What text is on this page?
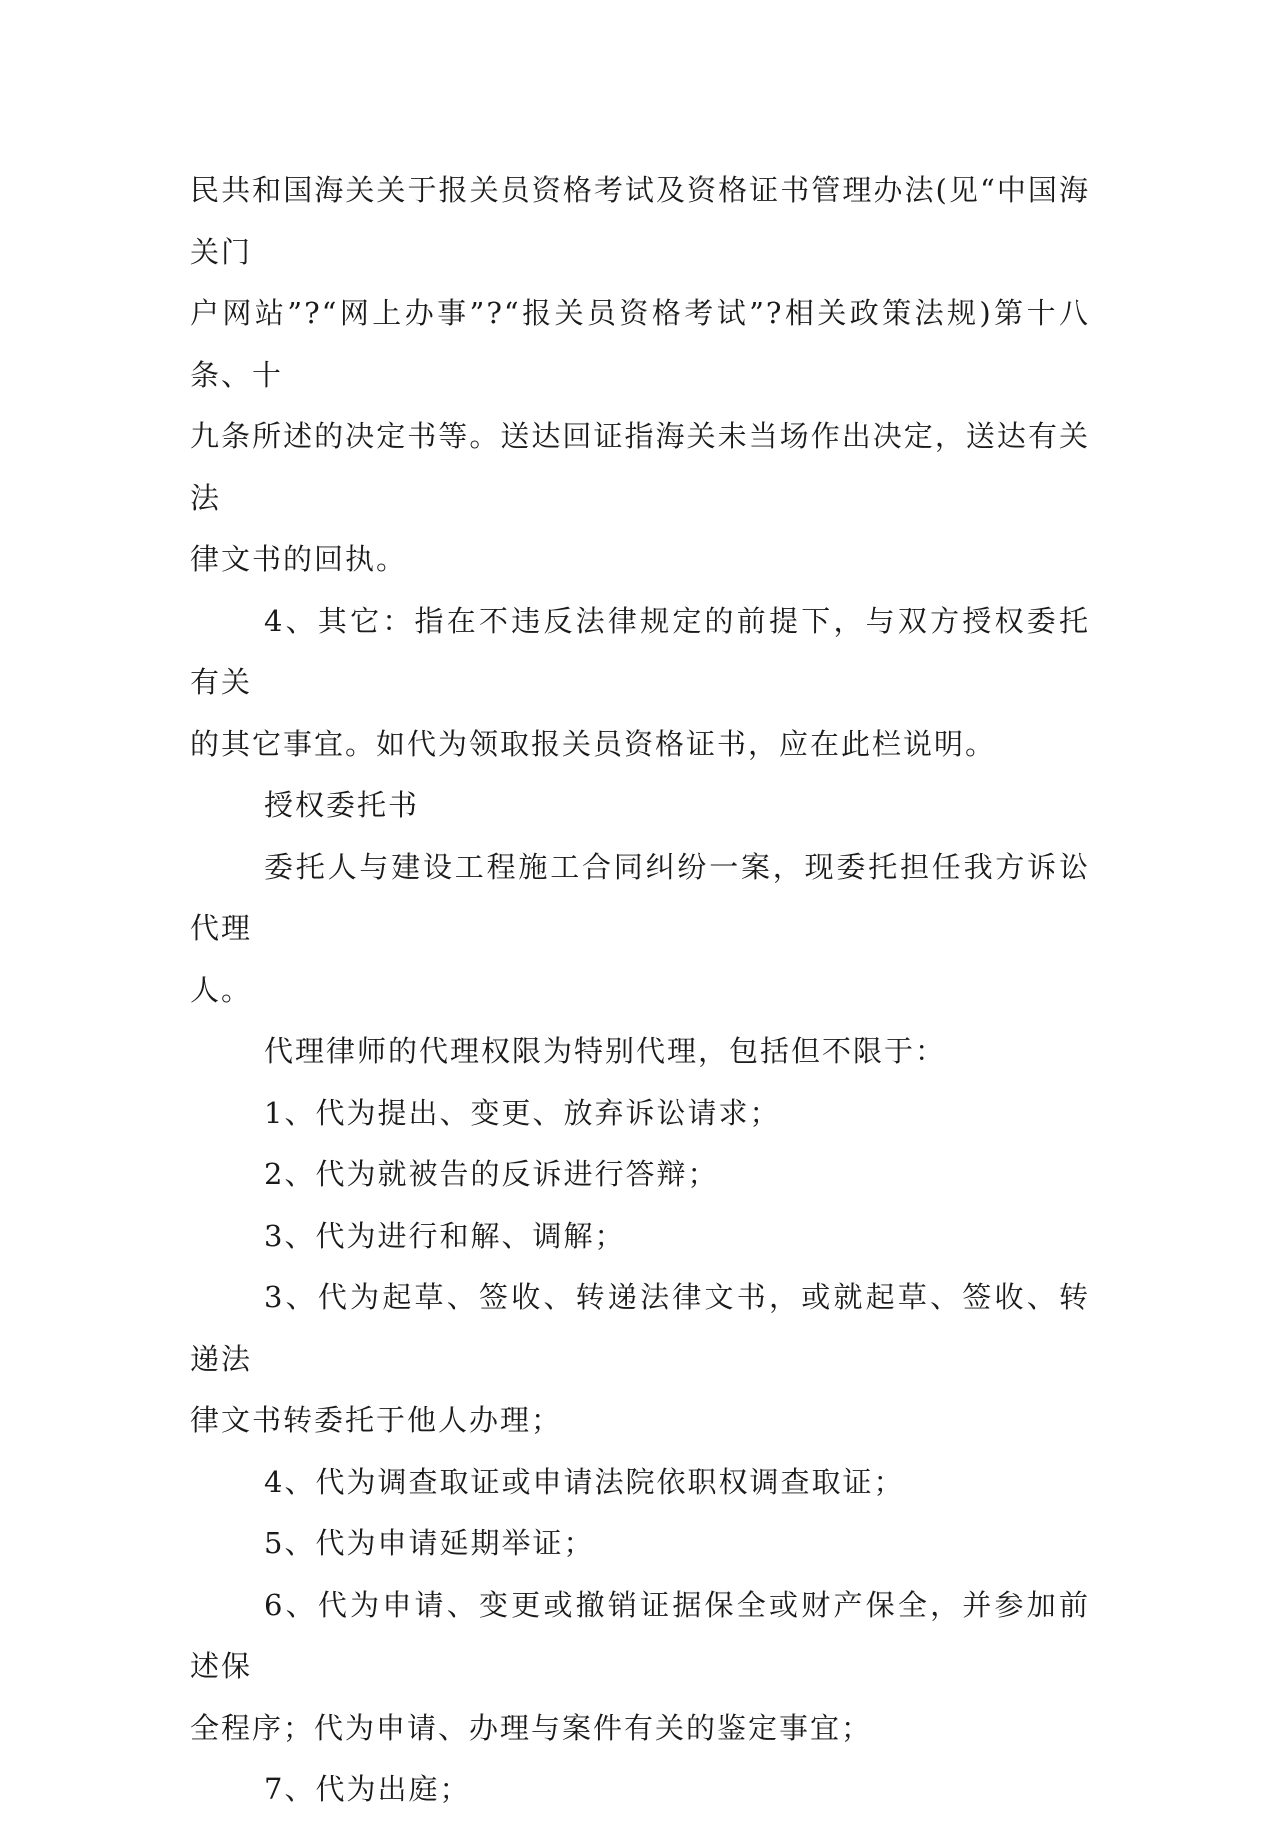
民共和国海关关于报关员资格考试及资格证书管理办法(见“中国海关门
户网站”?“网上办事”?“报关员资格考试”?相关政策法规)第十八条、十
九条所述的决定书等。送达回证指海关未当场作出决定，送达有关法
律文书的回执。

4、其它：指在不违反法律规定的前提下，与双方授权委托有关
的其它事宜。如代为领取报关员资格证书，应在此栏说明。

授权委托书

委托人与建设工程施工合同纠纷一案，现委托担任我方诉讼代理
人。

代理律师的代理权限为特别代理，包括但不限于：

1、代为提出、变更、放弃诉讼请求；

2、代为就被告的反诉进行答辩；

3、代为进行和解、调解；

3、代为起草、签收、转递法律文书，或就起草、签收、转递法
律文书转委托于他人办理；

4、代为调查取证或申请法院依职权调查取证；

5、代为申请延期举证；

6、代为申请、变更或撤销证据保全或财产保全，并参加前述保
全程序；代为申请、办理与案件有关的鉴定事宜；

7、代为出庭；
